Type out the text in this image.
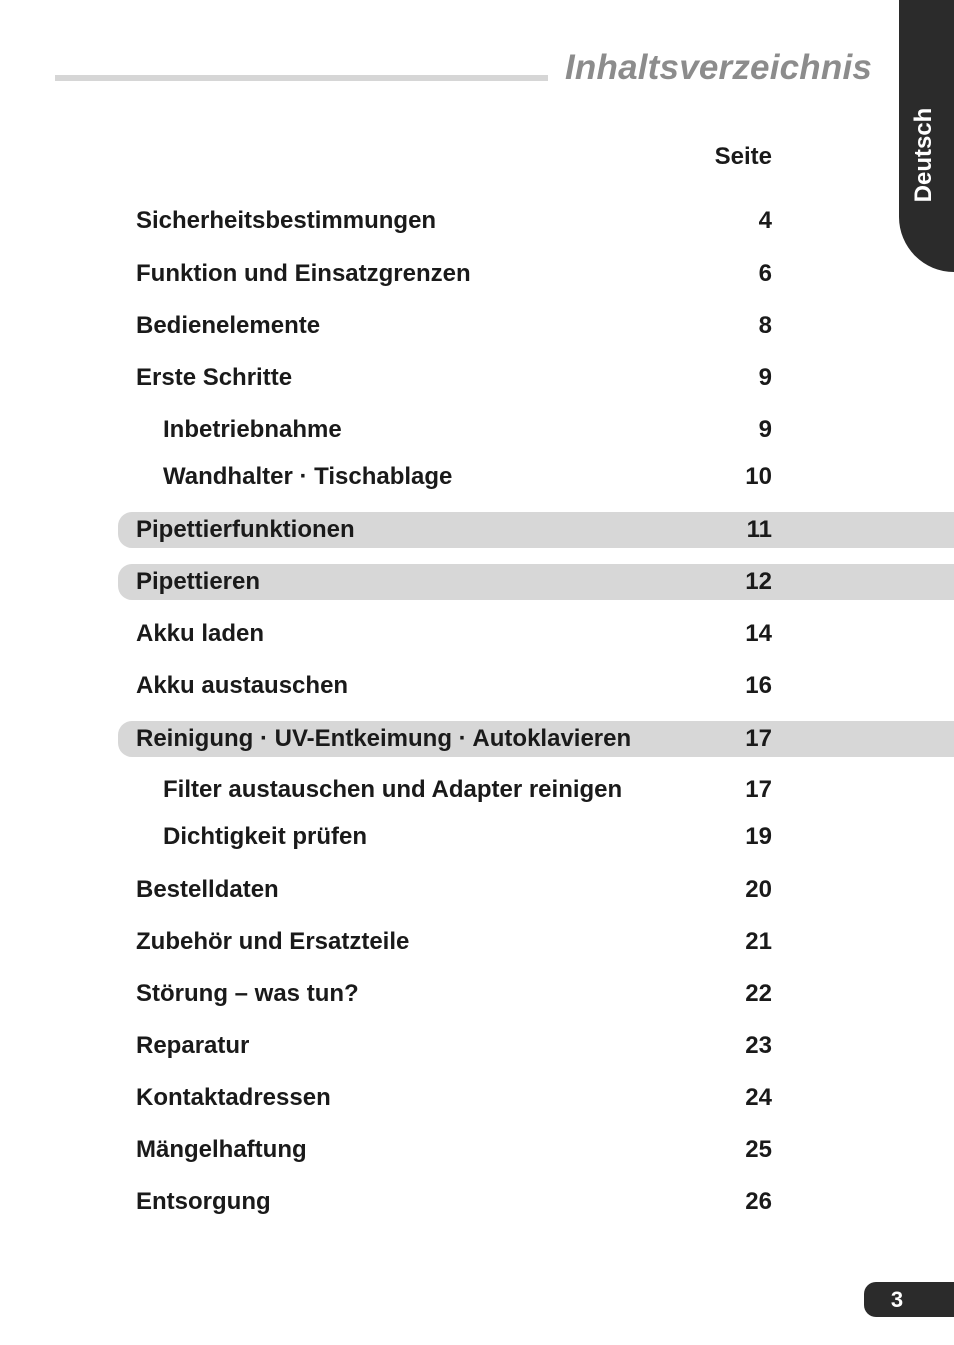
Inhaltsverzeichnis
Deutsch
Seite
Sicherheitsbestimmungen	4
Funktion und Einsatzgrenzen	6
Bedienelemente	8
Erste Schritte	9
Inbetriebnahme	9
Wandhalter · Tischablage	10
Pipettierfunktionen	11
Pipettieren	12
Akku laden	14
Akku austauschen	16
Reinigung · UV-Entkeimung · Autoklavieren	17
Filter austauschen und Adapter reinigen	17
Dichtigkeit prüfen	19
Bestelldaten	20
Zubehör und Ersatzteile	21
Störung – was tun?	22
Reparatur	23
Kontaktadressen	24
Mängelhaftung	25
Entsorgung	26
3
